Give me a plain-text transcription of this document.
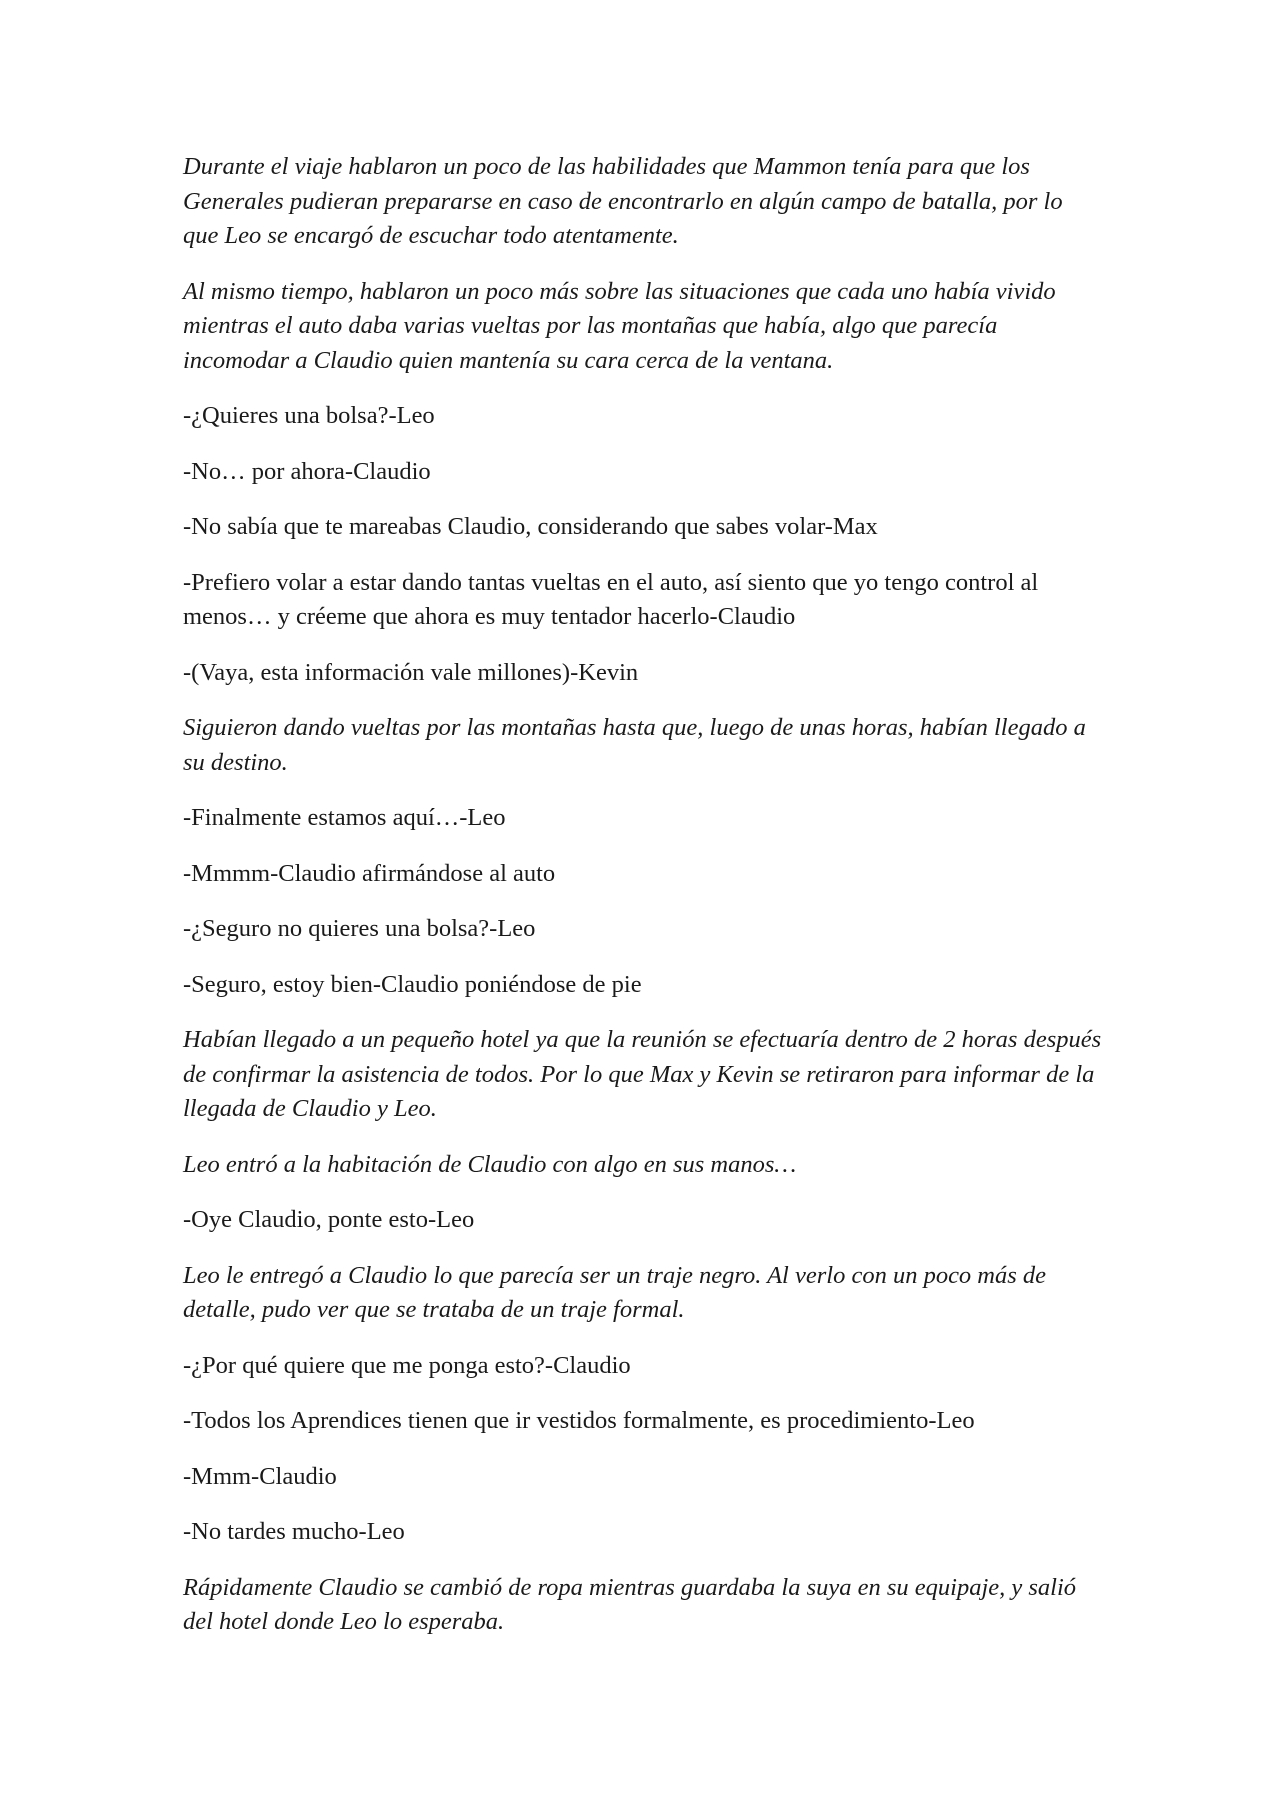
Durante el viaje hablaron un poco de las habilidades que Mammon tenía para que los Generales pudieran prepararse en caso de encontrarlo en algún campo de batalla, por lo que Leo se encargó de escuchar todo atentamente.

Al mismo tiempo, hablaron un poco más sobre las situaciones que cada uno había vivido mientras el auto daba varias vueltas por las montañas que había, algo que parecía incomodar a Claudio quien mantenía su cara cerca de la ventana.

-¿Quieres una bolsa?-Leo

-No… por ahora-Claudio

-No sabía que te mareabas Claudio, considerando que sabes volar-Max

-Prefiero volar a estar dando tantas vueltas en el auto, así siento que yo tengo control al menos… y créeme que ahora es muy tentador hacerlo-Claudio

-(Vaya, esta información vale millones)-Kevin

Siguieron dando vueltas por las montañas hasta que, luego de unas horas, habían llegado a su destino.

-Finalmente estamos aquí…-Leo

-Mmmm-Claudio afirmándose al auto

-¿Seguro no quieres una bolsa?-Leo

-Seguro, estoy bien-Claudio poniéndose de pie

Habían llegado a un pequeño hotel ya que la reunión se efectuaría dentro de 2 horas después de confirmar la asistencia de todos. Por lo que Max y Kevin se retiraron para informar de la llegada de Claudio y Leo.

Leo entró a la habitación de Claudio con algo en sus manos…

-Oye Claudio, ponte esto-Leo

Leo le entregó a Claudio lo que parecía ser un traje negro. Al verlo con un poco más de detalle, pudo ver que se trataba de un traje formal.

-¿Por qué quiere que me ponga esto?-Claudio

-Todos los Aprendices tienen que ir vestidos formalmente, es procedimiento-Leo

-Mmm-Claudio

-No tardes mucho-Leo

Rápidamente Claudio se cambió de ropa mientras guardaba la suya en su equipaje, y salió del hotel donde Leo lo esperaba.
